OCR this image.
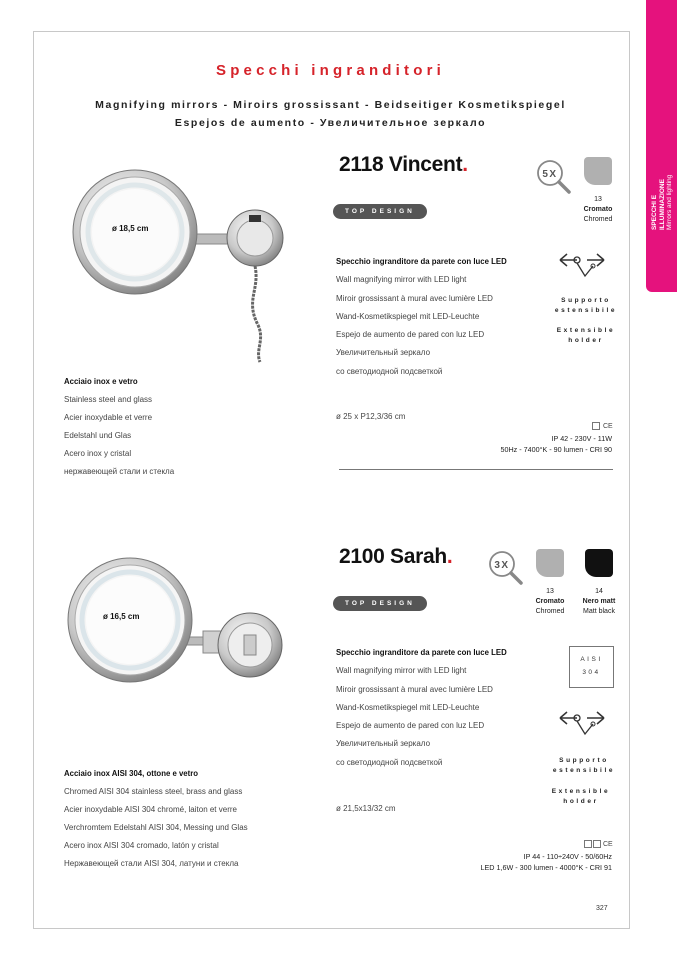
SPECCHI E ILLUMINAZIONE Mirrors and lighting
Specchi ingranditori
Magnifying mirrors - Miroirs grossissant - Beidseitiger Kosmetikspiegel
Espejos de aumento - Увеличительное зеркало
ø 18,5 cm
2118 Vincent.	5X
13
Cromato
Chromed
TOP DESIGN
Specchio ingranditore da parete con luce LED
Wall magnifying mirror with LED light
Miroir grossissant à mural avec lumière LED
Wand-Kosmetikspiegel mit LED-Leuchte
Espejo de aumento de pared con luz LED
Увеличительный зеркало
со светодиодной подсветкой
Supporto estensibile
Extensible holder
ø 25 x P12,3/36 cm
CE
IP 42 - 230V - 11W
50Hz - 7400°K - 90 lumen - CRI 90
Acciaio inox e vetro
Stainless steel and glass
Acier inoxydable et verre
Edelstahl und Glas
Acero inox y cristal
нержавеющей стали и стекла
ø 16,5 cm
2100 Sarah.	3X
13
Cromato
Chromed
14
Nero matt
Matt black
TOP DESIGN
Specchio ingranditore da parete con luce LED
Wall magnifying mirror with LED light
Miroir grossissant à mural avec lumière LED
Wand-Kosmetikspiegel mit LED-Leuchte
Espejo de aumento de pared con luz LED
Увеличительный зеркало
со светодиодной подсветкой
AISI
304
Supporto estensibile
Extensible holder
ø 21,5x13/32 cm
CE
IP 44 - 110÷240V - 50/60Hz
LED 1,6W - 300 lumen - 4000°K - CRI 91
Acciaio inox AISI 304, ottone e vetro
Chromed AISI 304 stainless steel, brass and glass
Acier inoxydable AISI 304 chromé, laiton et verre
Verchromtem Edelstahl AISI 304, Messing und Glas
Acero inox AISI 304 cromado, latón y cristal
Нержавеющей стали AISI 304, латуни и стекла
327
